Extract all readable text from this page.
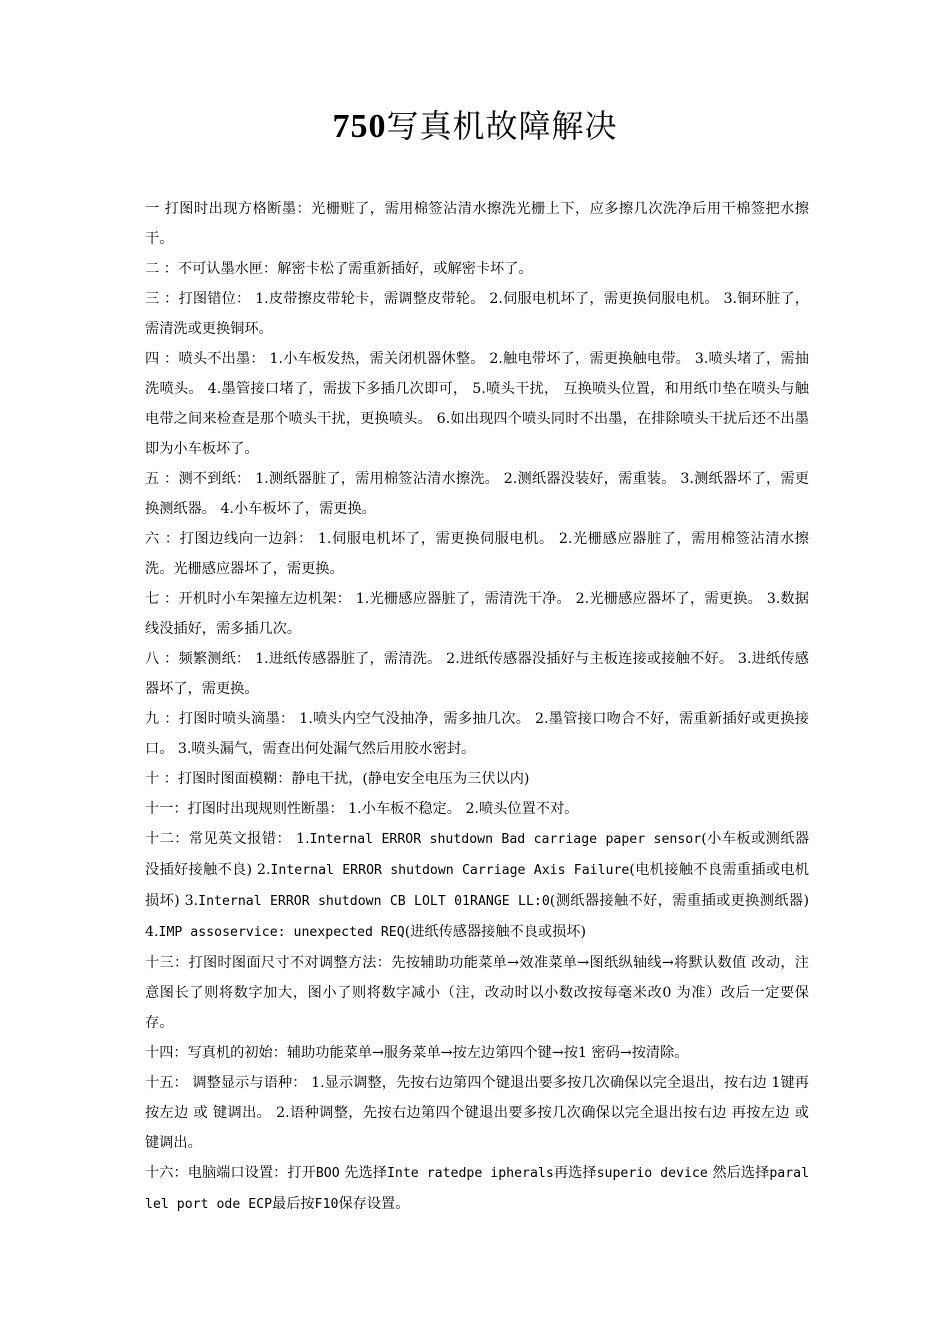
750写真机故障解决

一 打图时出现方格断墨：光栅赃了，需用棉签沾清水擦洗光栅上下，应多擦几次洗净后用干棉签把水擦干。

二 ：不可认墨水匣：解密卡松了需重新插好，或解密卡坏了。

三 ：打图错位： 1.皮带擦皮带轮卡，需调整皮带轮。 2.伺服电机坏了，需更换伺服电机。 3.铜环脏了，需清洗或更换铜环。

四 ：喷头不出墨： 1.小车板发热，需关闭机器休整。 2.触电带坏了，需更换触电带。 3.喷头堵了，需抽洗喷头。 4.墨管接口堵了，需拔下多插几次即可， 5.喷头干扰， 互换喷头位置，和用纸巾垫在喷头与触电带之间来检查是那个喷头干扰，更换喷头。 6.如出现四个喷头同时不出墨，在排除喷头干扰后还不出墨即为小车板坏了。

五 ：测不到纸： 1.测纸器脏了，需用棉签沾清水擦洗。 2.测纸器没装好，需重装。 3.测纸器坏了，需更换测纸器。 4.小车板坏了，需更换。

六 ：打图边线向一边斜： 1.伺服电机坏了，需更换伺服电机。 2.光栅感应器脏了，需用棉签沾清水擦洗。光栅感应器坏了，需更换。

七 ：开机时小车架撞左边机架： 1.光栅感应器脏了，需清洗干净。 2.光栅感应器坏了，需更换。 3.数据线没插好，需多插几次。

八 ：频繁测纸： 1.进纸传感器脏了，需清洗。 2.进纸传感器没插好与主板连接或接触不好。 3.进纸传感器坏了，需更换。

九 ：打图时喷头滴墨： 1.喷头内空气没抽净，需多抽几次。 2.墨管接口吻合不好，需重新插好或更换接口。 3.喷头漏气，需查出何处漏气然后用胶水密封。

十 ：打图时图面模糊：静电干扰，(静电安全电压为三伏以内)

十一：打图时出现规则性断墨： 1.小车板不稳定。 2.喷头位置不对。

十二：常见英文报错： 1.Internal ERROR shutdown Bad carriage paper sensor(小车板或测纸器没插好接触不良) 2.Internal ERROR shutdown Carriage Axis Failure(电机接触不良需重插或电机损坏) 3.Internal ERROR shutdown CB LOLT 01RANGE LL:0(测纸器接触不好，需重插或更换测纸器) 4.IMP assoservice: unexpected REQ(进纸传感器接触不良或损坏)

十三：打图时图面尺寸不对调整方法：先按辅助功能菜单→效准菜单→图纸纵轴线→将默认数值 改动，注意图长了则将数字加大，图小了则将数字减小（注，改动时以小数改按每毫米改0 为准）改后一定要保存。

十四：写真机的初始：辅助功能菜单→服务菜单→按左边第四个键→按1 密码→按清除。

十五： 调整显示与语种： 1.显示调整，先按右边第四个键退出要多按几次确保以完全退出，按右边 1键再按左边 或 键调出。 2.语种调整，先按右边第四个键退出要多按几次确保以完全退出按右边 再按左边 或 键调出。

十六：电脑端口设置：打开BOO 先选择Inte ratedpe ipherals再选择superio device 然后选择parallel port ode ECP最后按F10保存设置。
